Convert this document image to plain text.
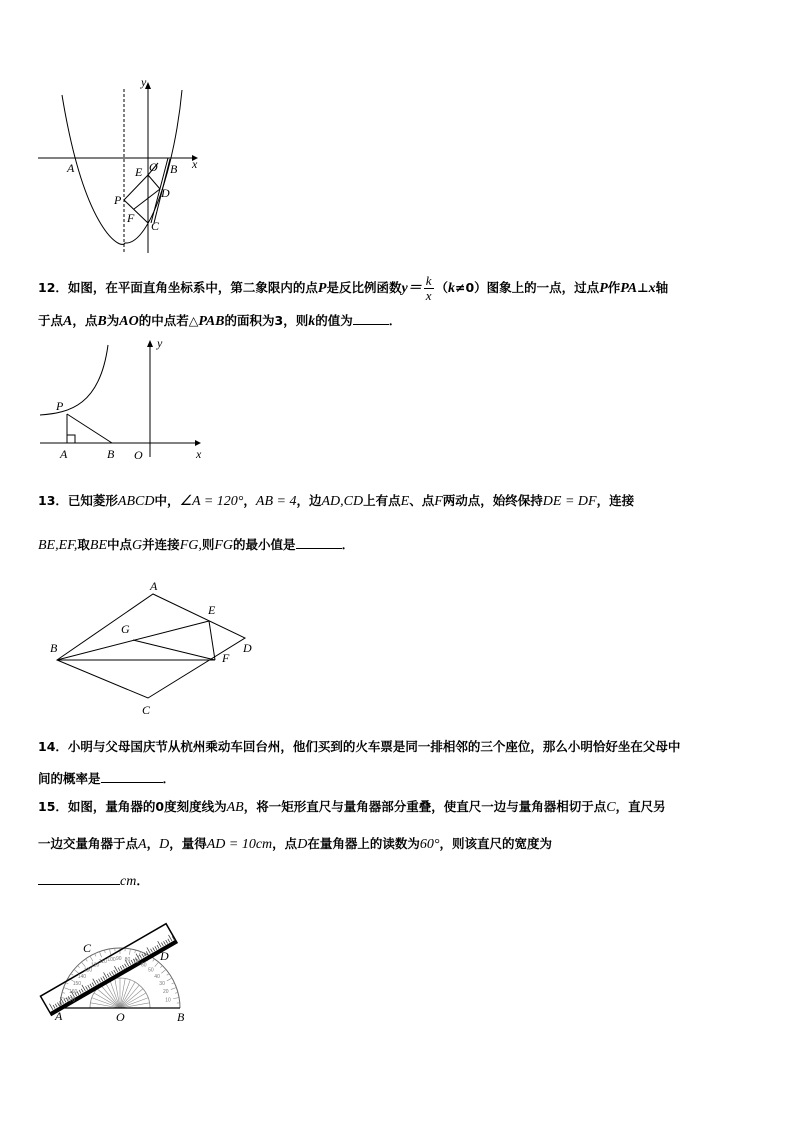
y
x
A	O B
E
D
P
F
C
12．如图，在平面直角坐标系中，第二象限内的点P是反比例函数$y= \frac{k}{x} (k\ne 0)$图象上的一点，过点P作PA⊥x轴
于点A，点B为AO的中点若△PAB的面积为3，则k的值为	．
y
x
P
A	B O
13．已知菱形ABCD中，∠A = 120°，AB = 4，边AD,CD上有点E、点F两动点，始终保持DE = DF，连接
BE,EF,取BE中点G并连接FG,则FG的最小值是	．
A
E
G
B	D
F
C
14．小明与父母国庆节从杭州乘动车回台州，他们买到的火车票是同一排相邻的三个座位，那么小明恰好坐在父母中
间的概率是	．
15．如图，量角器的0度刻度线为AB，将一矩形直尺与量角器部分重叠，使直尺一边与量角器相切于点C，直尺另
一边交量角器于点A，D，量得AD = 10cm，点D在量角器上的读数为60°，则该直尺的宽度为
cm．
170
160
150
140
130
120
110 100 90 80 70
60
50
40
30
20
10
C
D
A	O	B
